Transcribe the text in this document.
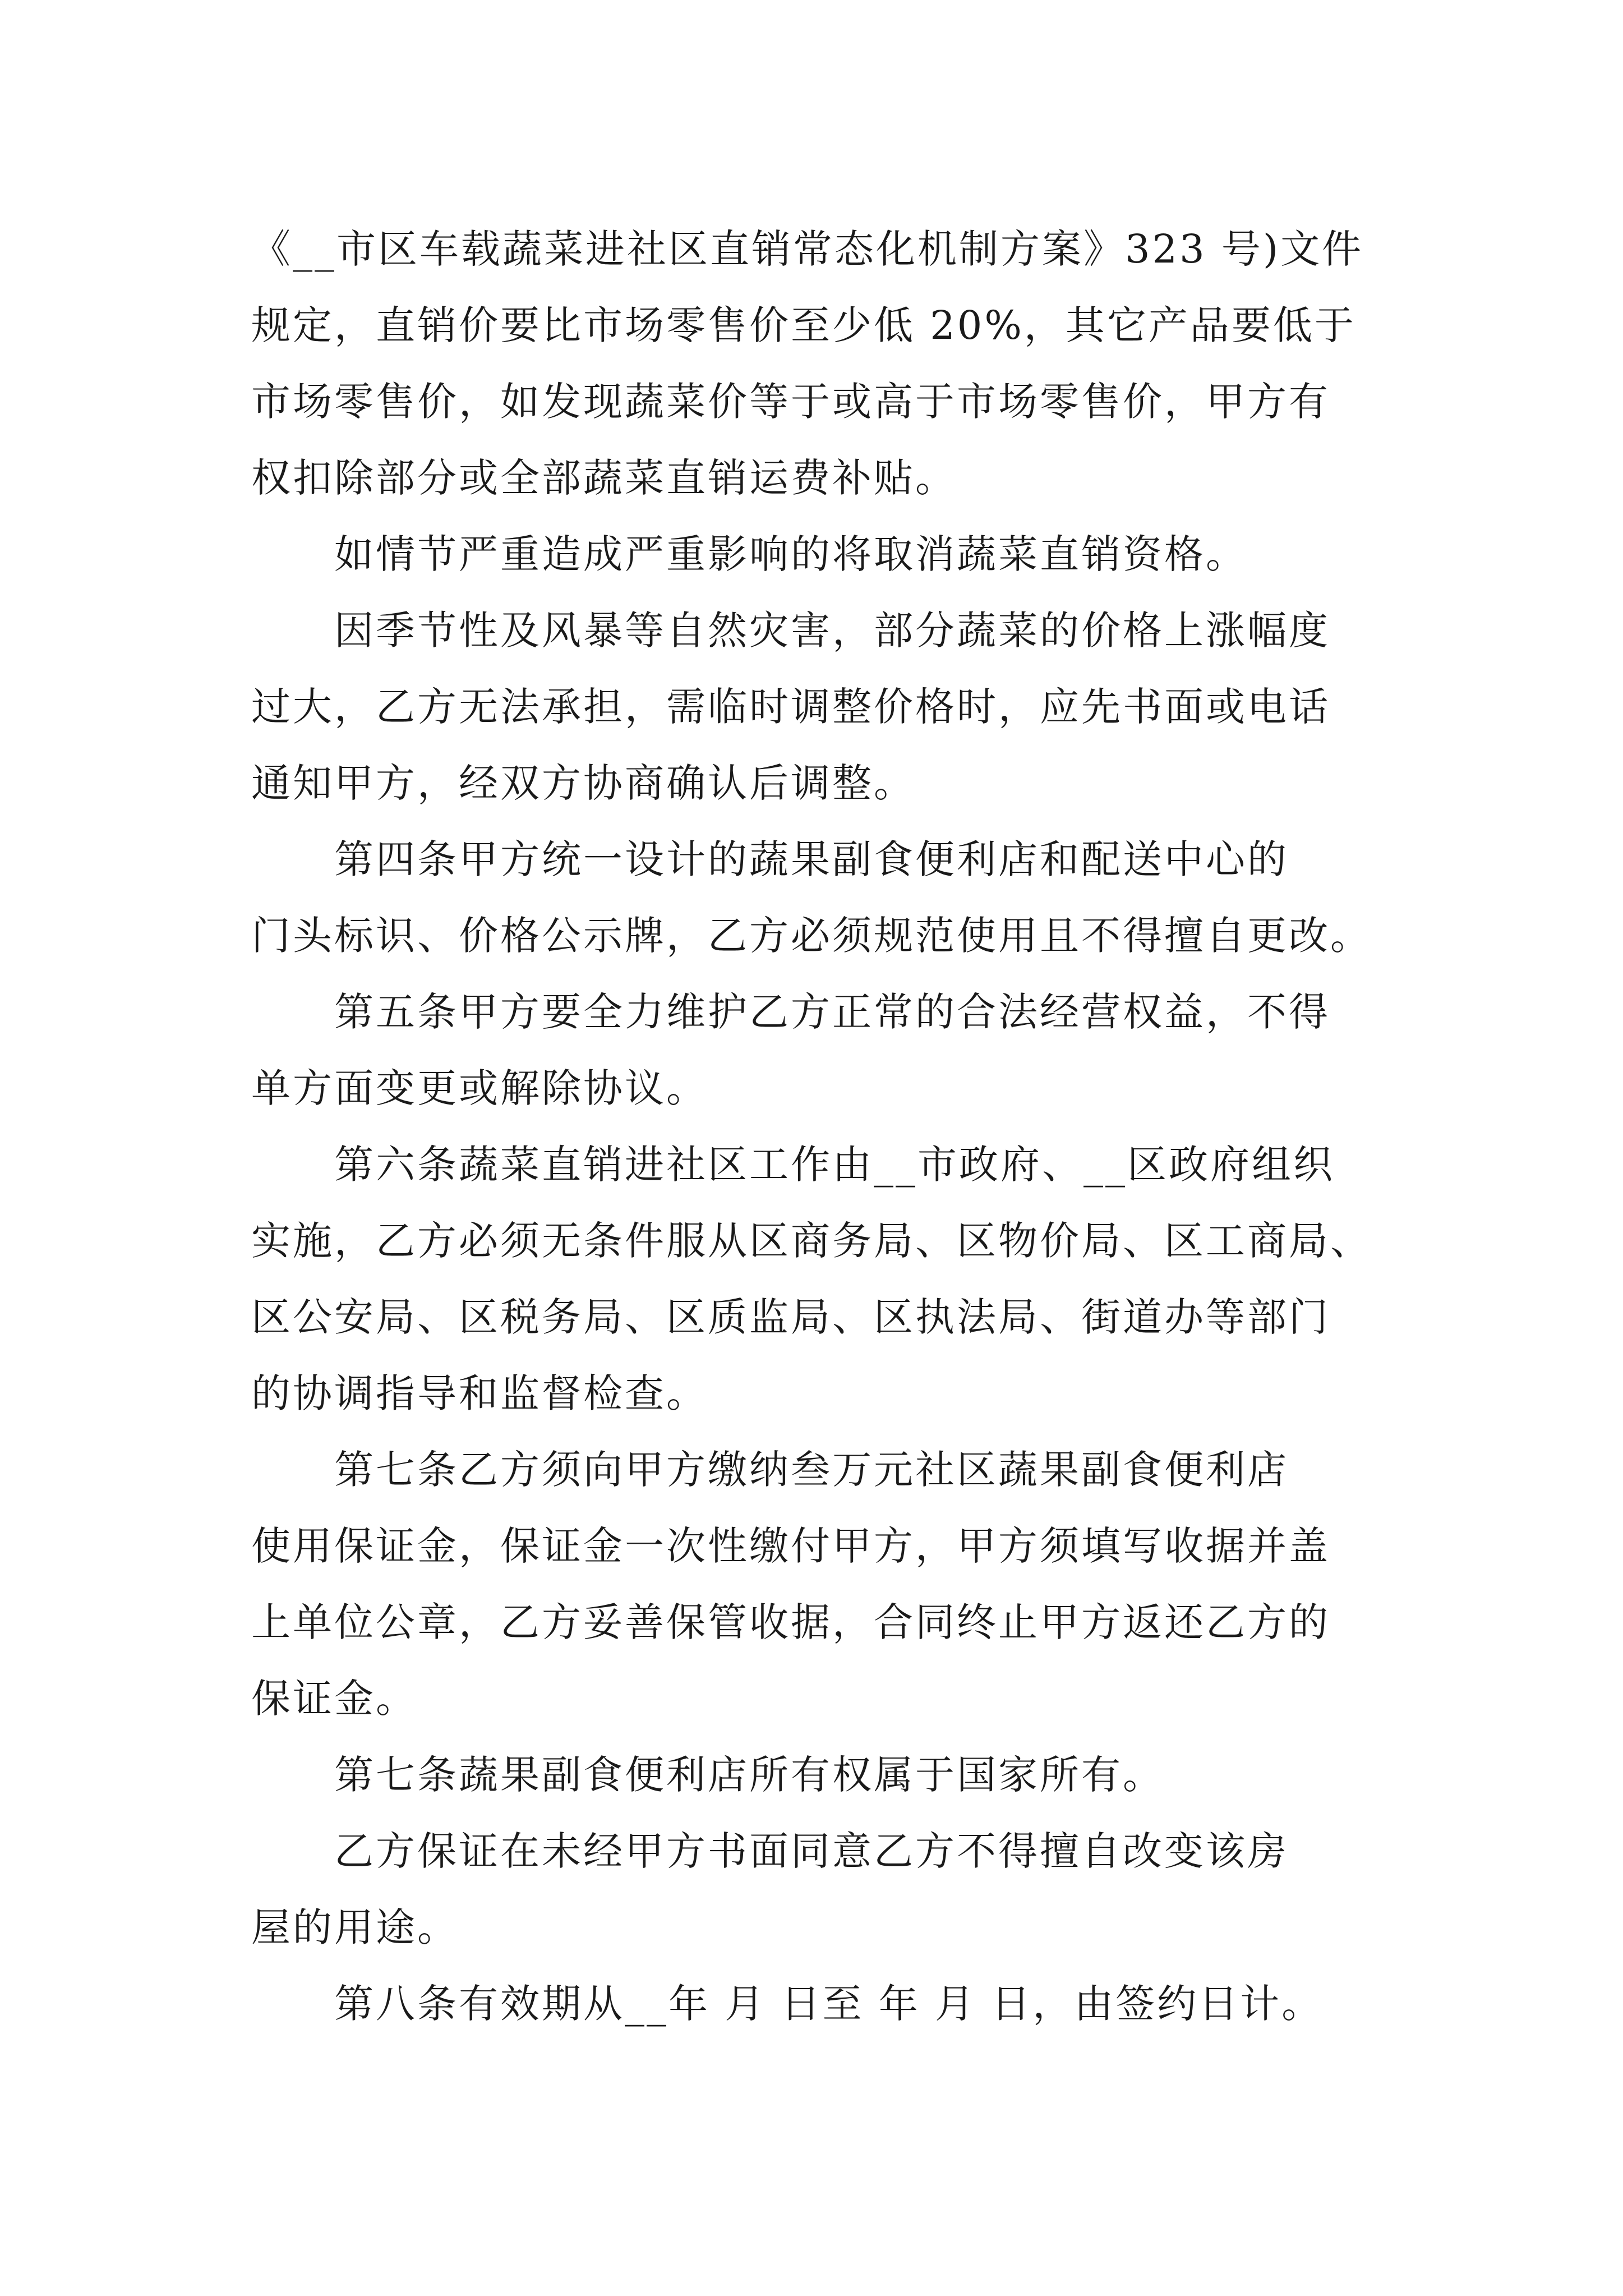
《__市区车载蔬菜进社区直销常态化机制方案》323 号)文件
规定，直销价要比市场零售价至少低 20%，其它产品要低于
市场零售价，如发现蔬菜价等于或高于市场零售价，甲方有
权扣除部分或全部蔬菜直销运费补贴。
如情节严重造成严重影响的将取消蔬菜直销资格。
因季节性及风暴等自然灾害，部分蔬菜的价格上涨幅度
过大，乙方无法承担，需临时调整价格时，应先书面或电话
通知甲方，经双方协商确认后调整。
第四条甲方统一设计的蔬果副食便利店和配送中心的
门头标识、价格公示牌，乙方必须规范使用且不得擅自更改。
第五条甲方要全力维护乙方正常的合法经营权益，不得
单方面变更或解除协议。
第六条蔬菜直销进社区工作由__市政府、__区政府组织
实施，乙方必须无条件服从区商务局、区物价局、区工商局、
区公安局、区税务局、区质监局、区执法局、街道办等部门
的协调指导和监督检查。
第七条乙方须向甲方缴纳叁万元社区蔬果副食便利店
使用保证金，保证金一次性缴付甲方，甲方须填写收据并盖
上单位公章，乙方妥善保管收据，合同终止甲方返还乙方的
保证金。
第七条蔬果副食便利店所有权属于国家所有。
乙方保证在未经甲方书面同意乙方不得擅自改变该房
屋的用途。
第八条有效期从__年 月 日至 年 月 日，由签约日计。
